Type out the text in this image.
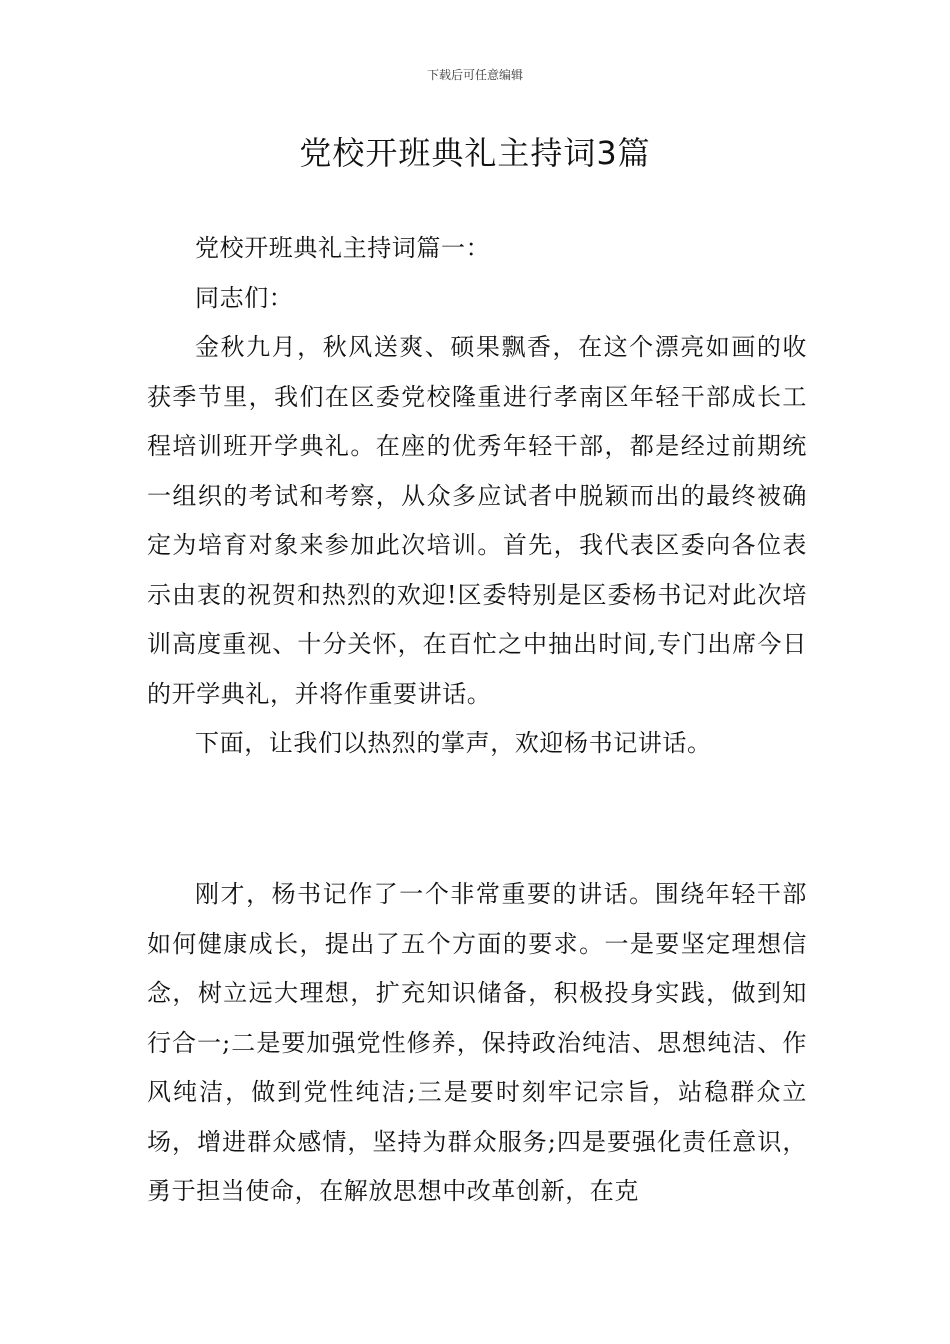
下载后可任意编辑
党校开班典礼主持词3篇

党校开班典礼主持词篇一：

同志们：

金秋九月，秋风送爽、硕果飘香，在这个漂亮如画的收获季节里，我们在区委党校隆重进行孝南区年轻干部成长工程培训班开学典礼。在座的优秀年轻干部，都是经过前期统一组织的考试和考察，从众多应试者中脱颖而出的最终被确定为培育对象来参加此次培训。首先，我代表区委向各位表示由衷的祝贺和热烈的欢迎!区委特别是区委杨书记对此次培训高度重视、十分关怀，在百忙之中抽出时间,专门出席今日的开学典礼，并将作重要讲话。

下面，让我们以热烈的掌声，欢迎杨书记讲话。

刚才，杨书记作了一个非常重要的讲话。围绕年轻干部如何健康成长，提出了五个方面的要求。一是要坚定理想信念，树立远大理想，扩充知识储备，积极投身实践，做到知行合一;二是要加强党性修养，保持政治纯洁、思想纯洁、作风纯洁，做到党性纯洁;三是要时刻牢记宗旨，站稳群众立场，增进群众感情，坚持为群众服务;四是要强化责任意识，勇于担当使命，在解放思想中改革创新，在克
